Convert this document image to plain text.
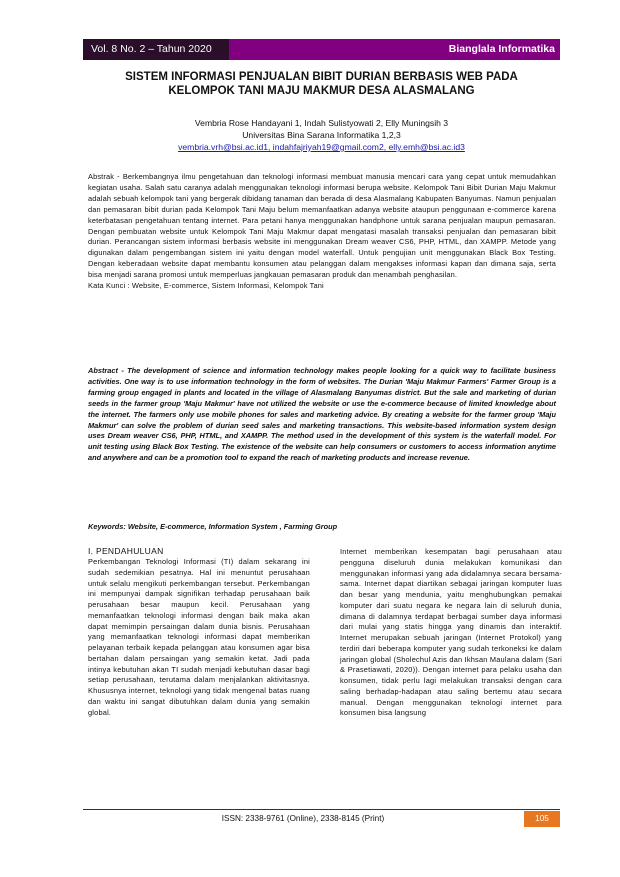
Vol. 8 No. 2 – Tahun 2020	Bianglala Informatika
SISTEM INFORMASI PENJUALAN BIBIT DURIAN BERBASIS WEB PADA
KELOMPOK TANI MAJU MAKMUR DESA ALASMALANG
Vembria Rose Handayani 1, Indah Sulistyowati 2, Elly Muningsih 3
Universitas Bina Sarana Informatika 1,2,3
vembria.vrh@bsi.ac.id1, indahfajriyah19@gmail.com2, elly.emh@bsi.ac.id3

Abstrak - Berkembangnya ilmu pengetahuan dan teknologi informasi membuat manusia mencari cara yang cepat untuk memudahkan kegiatan usaha. Salah satu caranya adalah menggunakan teknologi informasi berupa website. Kelompok Tani Bibit Durian Maju Makmur adalah sebuah kelompok tani yang bergerak dibidang tanaman dan berada di desa Alasmalang Kabupaten Banyumas. Namun penjualan dan pemasaran bibit durian pada Kelompok Tani Maju belum memanfaatkan adanya website ataupun penggunaan e-commerce karena keterbatasan pengetahuan tentang internet. Para petani hanya menggunakan handphone untuk sarana penjualan maupun pemasaran. Dengan pembuatan website untuk Kelompok Tani Maju Makmur dapat mengatasi masalah transaksi penjualan dan pemasaran bibit durian. Perancangan sistem informasi berbasis website ini menggunakan Dream weaver CS6, PHP, HTML, dan XAMPP. Metode yang digunakan dalam pengembangan sistem ini yaitu dengan model waterfall. Untuk pengujian unit menggunakan Black Box Testing. Dengan keberadaan website dapat membantu konsumen atau pelanggan dalam mengakses informasi kapan dan dimana saja, serta bisa menjadi sarana promosi untuk memperluas jangkauan pemasaran produk dan menambah penghasilan.

Kata Kunci : Website, E-commerce, Sistem Informasi, Kelompok Tani

Abstract - The development of science and information technology makes people looking for a quick way to facilitate business activities. One way is to use information technology in the form of websites. The Durian 'Maju Makmur Farmers' Farmer Group is a farming group engaged in plants and located in the village of Alasmalang Banyumas district. But the sale and marketing of durian seeds in the farmer group 'Maju Makmur' have not utilized the website or use the e-commerce because of limited knowledge about the internet. The farmers only use mobile phones for sales and marketing advice. By creating a website for the farmer group 'Maju Makmur' can solve the problem of durian seed sales and marketing transactions. This website-based information system design uses Dream weaver CS6, PHP, HTML, and XAMPP. The method used in the development of this system is the waterfall model. For unit testing using Black Box Testing. The existence of the website can help consumers or customers to access information anytime and anywhere and can be a promotion tool to expand the reach of marketing products and increase revenue.

Keywords: Website, E-commerce, Information System , Farming Group
I. PENDAHULUAN

Perkembangan Teknologi Informasi (TI) dalam sekarang ini sudah sedemikian pesatnya. Hal ini menuntut perusahaan untuk selalu mengikuti perkembangan tersebut. Perkembangan ini mempunyai dampak signifikan terhadap perusahaan baik perusahaan besar maupun kecil. Perusahaan yang memanfaatkan teknologi informasi dengan baik maka akan dapat memimpin persaingan dalam dunia bisnis. Perusahaan yang memanfaatkan teknologi informasi dapat memberikan pelayanan terbaik kepada pelanggan atau konsumen agar bisa bertahan dalam persaingan yang semakin ketat. Jadi pada intinya kebutuhan akan TI sudah menjadi kebutuhan dasar bagi setiap perusahaan, terutama dalam menjalankan aktivitasnya. Khususnya internet, teknologi yang tidak mengenal batas ruang dan waktu ini sangat dibutuhkan dalam dunia yang semakin global.

Internet memberikan kesempatan bagi perusahaan atau pengguna diseluruh dunia melakukan komunikasi dan menggunakan informasi yang ada didalamnya secara bersama-sama. Internet dapat diartikan sebagai jaringan komputer luas dan besar yang mendunia, yaitu menghubungkan pemakai komputer dari suatu negara ke negara lain di seluruh dunia, dimana di dalamnya terdapat berbagai sumber daya informasi dari mulai yang statis hingga yang dinamis dan interaktif. Internet merupakan sebuah jaringan (Internet Protokol) yang terdiri dari beberapa komputer yang sudah terkoneksi ke dalam jaringan global (Sholechul Azis dan Ikhsan Maulana dalam (Sari & Prasetiawati, 2020)). Dengan internet para pelaku usaha dan konsumen, tidak perlu lagi melakukan transaksi dengan cara saling berhadap-hadapan atau saling bertemu atau secara manual. Dengan menggunakan teknologi internet para konsumen bisa langsung

ISSN: 2338-9761 (Online), 2338-8145 (Print)	105
